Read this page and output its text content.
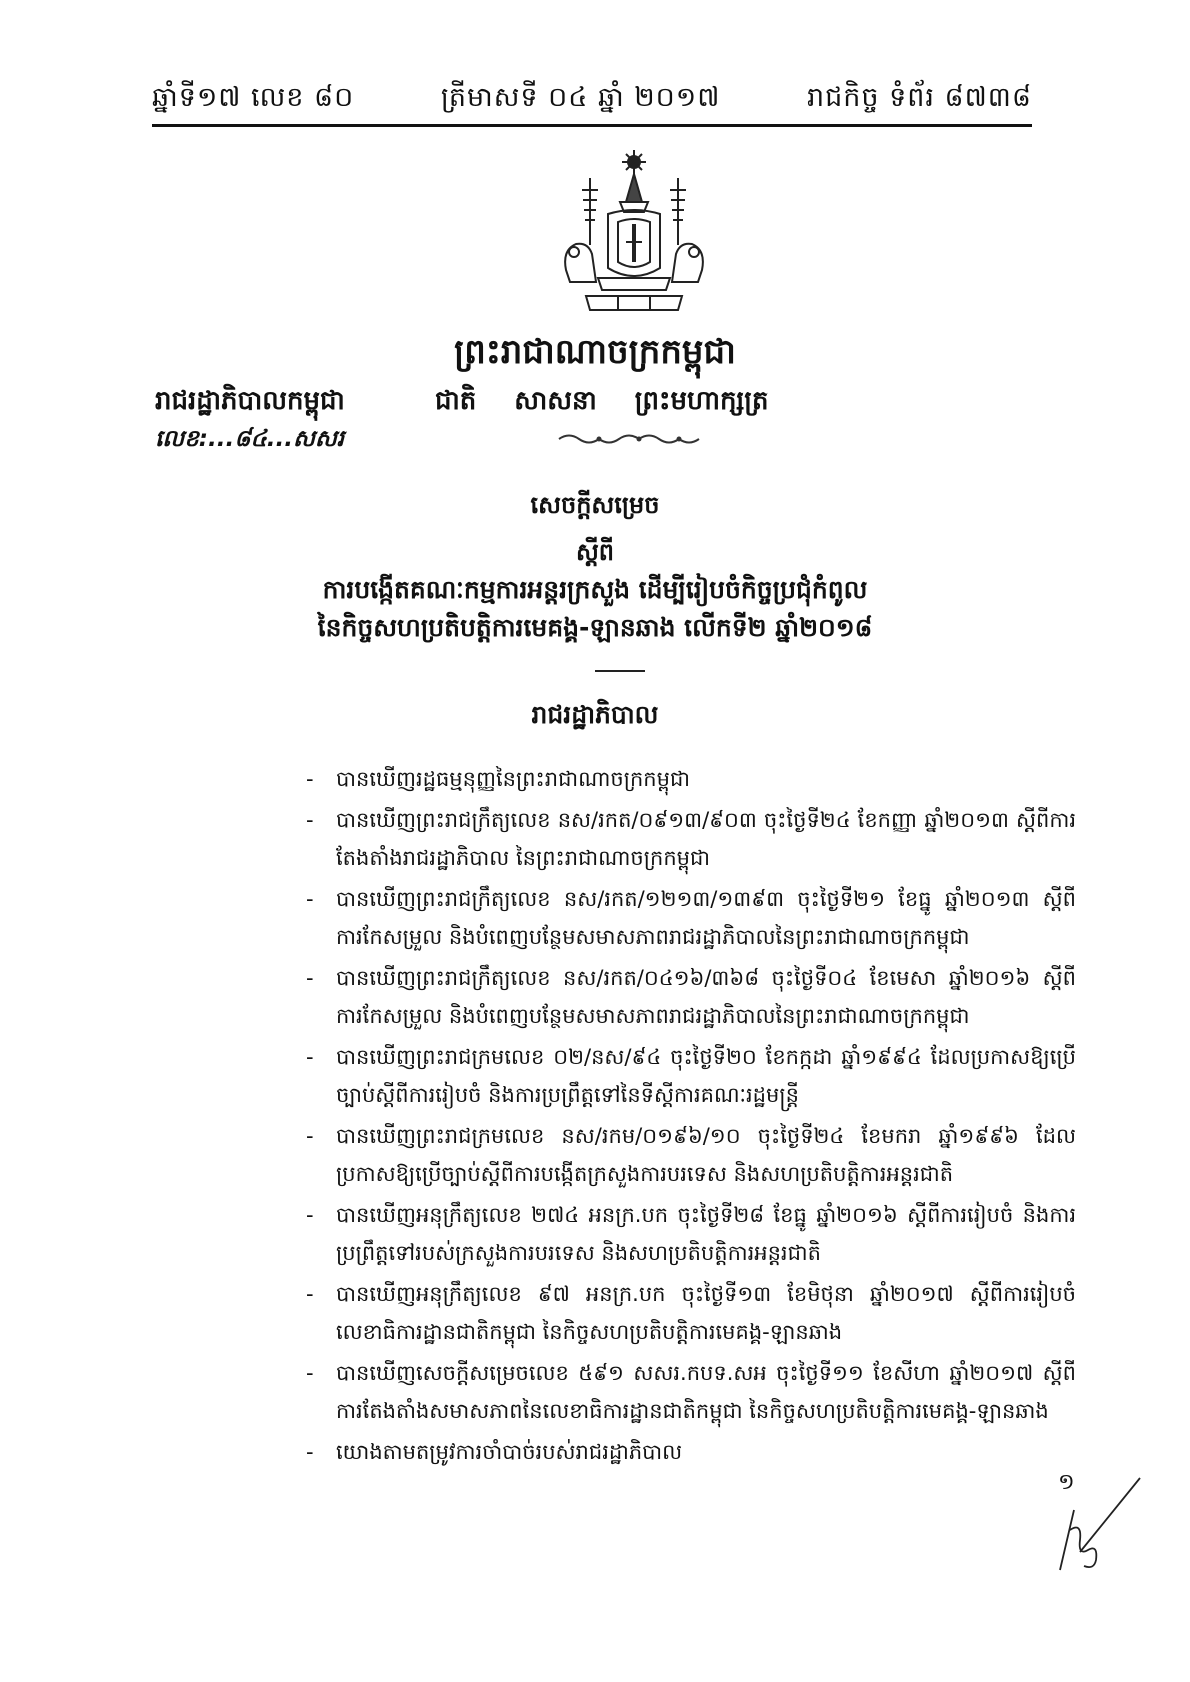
ឆ្នាំទី១៧ លេខ ៨០	ត្រីមាសទី ០៤ ឆ្នាំ ២០១៧	រាជកិច្ច ទំព័រ ៨៧៣៨
ព្រះរាជាណាចក្រកម្ពុជា
រាជរដ្ឋាភិបាលកម្ពុជា	ជាតិ សាសនា ព្រះមហាក្សត្រ
លេខ:...៨៤...សសរ
សេចក្តីសម្រេច
ស្តីពី
ការបង្កើតគណៈកម្មការអន្តរក្រសួង ដើម្បីរៀបចំកិច្ចប្រជុំកំពូល
នៃកិច្ចសហប្រតិបត្តិការមេគង្គ-ឡានឆាង លើកទី២ ឆ្នាំ២០១៨
រាជរដ្ឋាភិបាល
- បានឃើញរដ្ឋធម្មនុញ្ញនៃព្រះរាជាណាចក្រកម្ពុជា
- បានឃើញព្រះរាជក្រឹត្យលេខ នស/រកត/០៩១៣/៩០៣ ចុះថ្ងៃទី២៤ ខែកញ្ញា ឆ្នាំ២០១៣ ស្តីពីការតែងតាំងរាជរដ្ឋាភិបាល នៃព្រះរាជាណាចក្រកម្ពុជា
- បានឃើញព្រះរាជក្រឹត្យលេខ នស/រកត/១២១៣/១៣៩៣ ចុះថ្ងៃទី២១ ខែធ្នូ ឆ្នាំ២០១៣ ស្តីពីការកែសម្រួល និងបំពេញបន្ថែមសមាសភាពរាជរដ្ឋាភិបាលនៃព្រះរាជាណាចក្រកម្ពុជា
- បានឃើញព្រះរាជក្រឹត្យលេខ នស/រកត/០៤១៦/៣៦៨ ចុះថ្ងៃទី០៤ ខែមេសា ឆ្នាំ២០១៦ ស្តីពីការកែសម្រួល និងបំពេញបន្ថែមសមាសភាពរាជរដ្ឋាភិបាលនៃព្រះរាជាណាចក្រកម្ពុជា
- បានឃើញព្រះរាជក្រមលេខ ០២/នស/៩៤ ចុះថ្ងៃទី២០ ខែកក្កដា ឆ្នាំ១៩៩៤ ដែលប្រកាសឱ្យប្រើច្បាប់ស្តីពីការរៀបចំ និងការប្រព្រឹត្តទៅនៃទីស្តីការគណៈរដ្ឋមន្ត្រី
- បានឃើញព្រះរាជក្រមលេខ នស/រកម/០១៩៦/១០ ចុះថ្ងៃទី២៤ ខែមករា ឆ្នាំ១៩៩៦ ដែលប្រកាសឱ្យប្រើច្បាប់ស្តីពីការបង្កើតក្រសួងការបរទេស និងសហប្រតិបត្តិការអន្តរជាតិ
- បានឃើញអនុក្រឹត្យលេខ ២៧៤ អនក្រ.បក ចុះថ្ងៃទី២៨ ខែធ្នូ ឆ្នាំ២០១៦ ស្តីពីការរៀបចំ និងការប្រព្រឹត្តទៅរបស់ក្រសួងការបរទេស និងសហប្រតិបត្តិការអន្តរជាតិ
- បានឃើញអនុក្រឹត្យលេខ ៩៧ អនក្រ.បក ចុះថ្ងៃទី១៣ ខែមិថុនា ឆ្នាំ២០១៧ ស្តីពីការរៀបចំលេខាធិការដ្ឋានជាតិកម្ពុជា នៃកិច្ចសហប្រតិបត្តិការមេគង្គ-ឡានឆាង
- បានឃើញសេចក្តីសម្រេចលេខ ៥៩១ សសរ.កបទ.សអ ចុះថ្ងៃទី១១ ខែសីហា ឆ្នាំ២០១៧ ស្តីពីការតែងតាំងសមាសភាពនៃលេខាធិការដ្ឋានជាតិកម្ពុជា នៃកិច្ចសហប្រតិបត្តិការមេគង្គ-ឡានឆាង
- យោងតាមតម្រូវការចាំបាច់របស់រាជរដ្ឋាភិបាល
១
